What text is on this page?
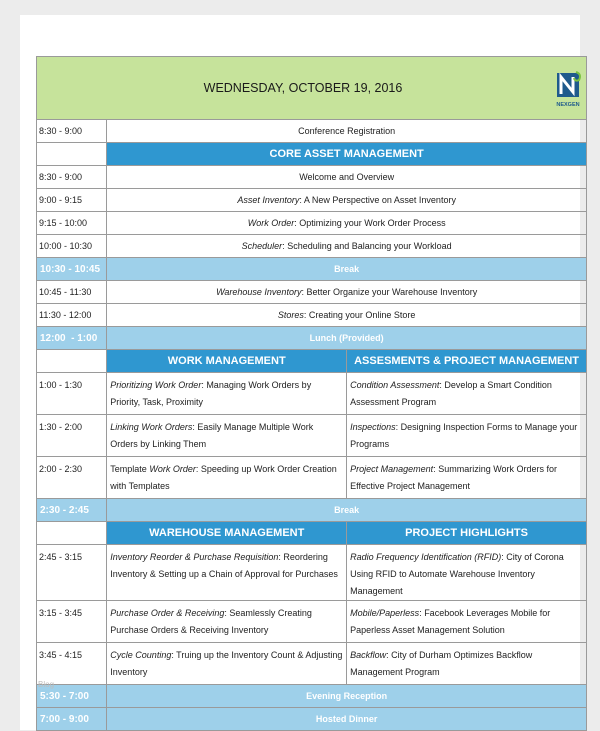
WEDNESDAY, OCTOBER 19, 2016
NEXGEN		

8:30 - 9:00	Conference Registration	
	CORE ASSET MANAGEMENT	
8:30 - 9:00	Welcome and Overview	
9:00 - 9:15	Asset Inventory: A New Perspective on Asset Inventory	
9:15 - 10:00	Work Order: Optimizing your Work Order Process	
10:00 - 10:30	Scheduler: Scheduling and Balancing your Workload	
10:30 - 10:45	Break	
10:45 - 11:30	Warehouse Inventory: Better Organize your Warehouse Inventory	
11:30 - 12:00	Stores: Creating your Online Store	
12:00  - 1:00	Lunch (Provided)	
	WORK MANAGEMENT	ASSESMENTS & PROJECT MANAGEMENT
1:00 - 1:30	Prioritizing Work Order: Managing Work Orders by Priority, Task, Proximity	Condition Assessment: Develop a Smart Condition Assessment Program
1:30 - 2:00	Linking Work Orders: Easily Manage Multiple Work Orders by Linking Them	Inspections: Designing Inspection Forms to Manage your Programs
2:00 - 2:30	Template Work Order: Speeding up Work Order Creation with Templates	Project Management: Summarizing Work Orders for Effective Project Management
2:30 - 2:45	Break	
	WAREHOUSE MANAGEMENT	PROJECT HIGHLIGHTS
2:45 - 3:15	Inventory Reorder & Purchase Requisition: Reordering Inventory & Setting up a Chain of Approval for Purchases	Radio Frequency Identification (RFID): City of Corona Using RFID to Automate Warehouse Inventory Management
3:15 - 3:45	Purchase Order & Receiving: Seamlessly Creating Purchase Orders & Receiving Inventory	Mobile/Paperless: Facebook Leverages Mobile for Paperless Asset Management Solution
3:45 - 4:15	Cycle Counting: Truing up the Inventory Count & Adjusting Inventory	Backflow: City of Durham Optimizes Backflow Management Program
5:30 - 7:00	Evening Reception	
7:00 - 9:00	Hosted Dinner	
Blog
